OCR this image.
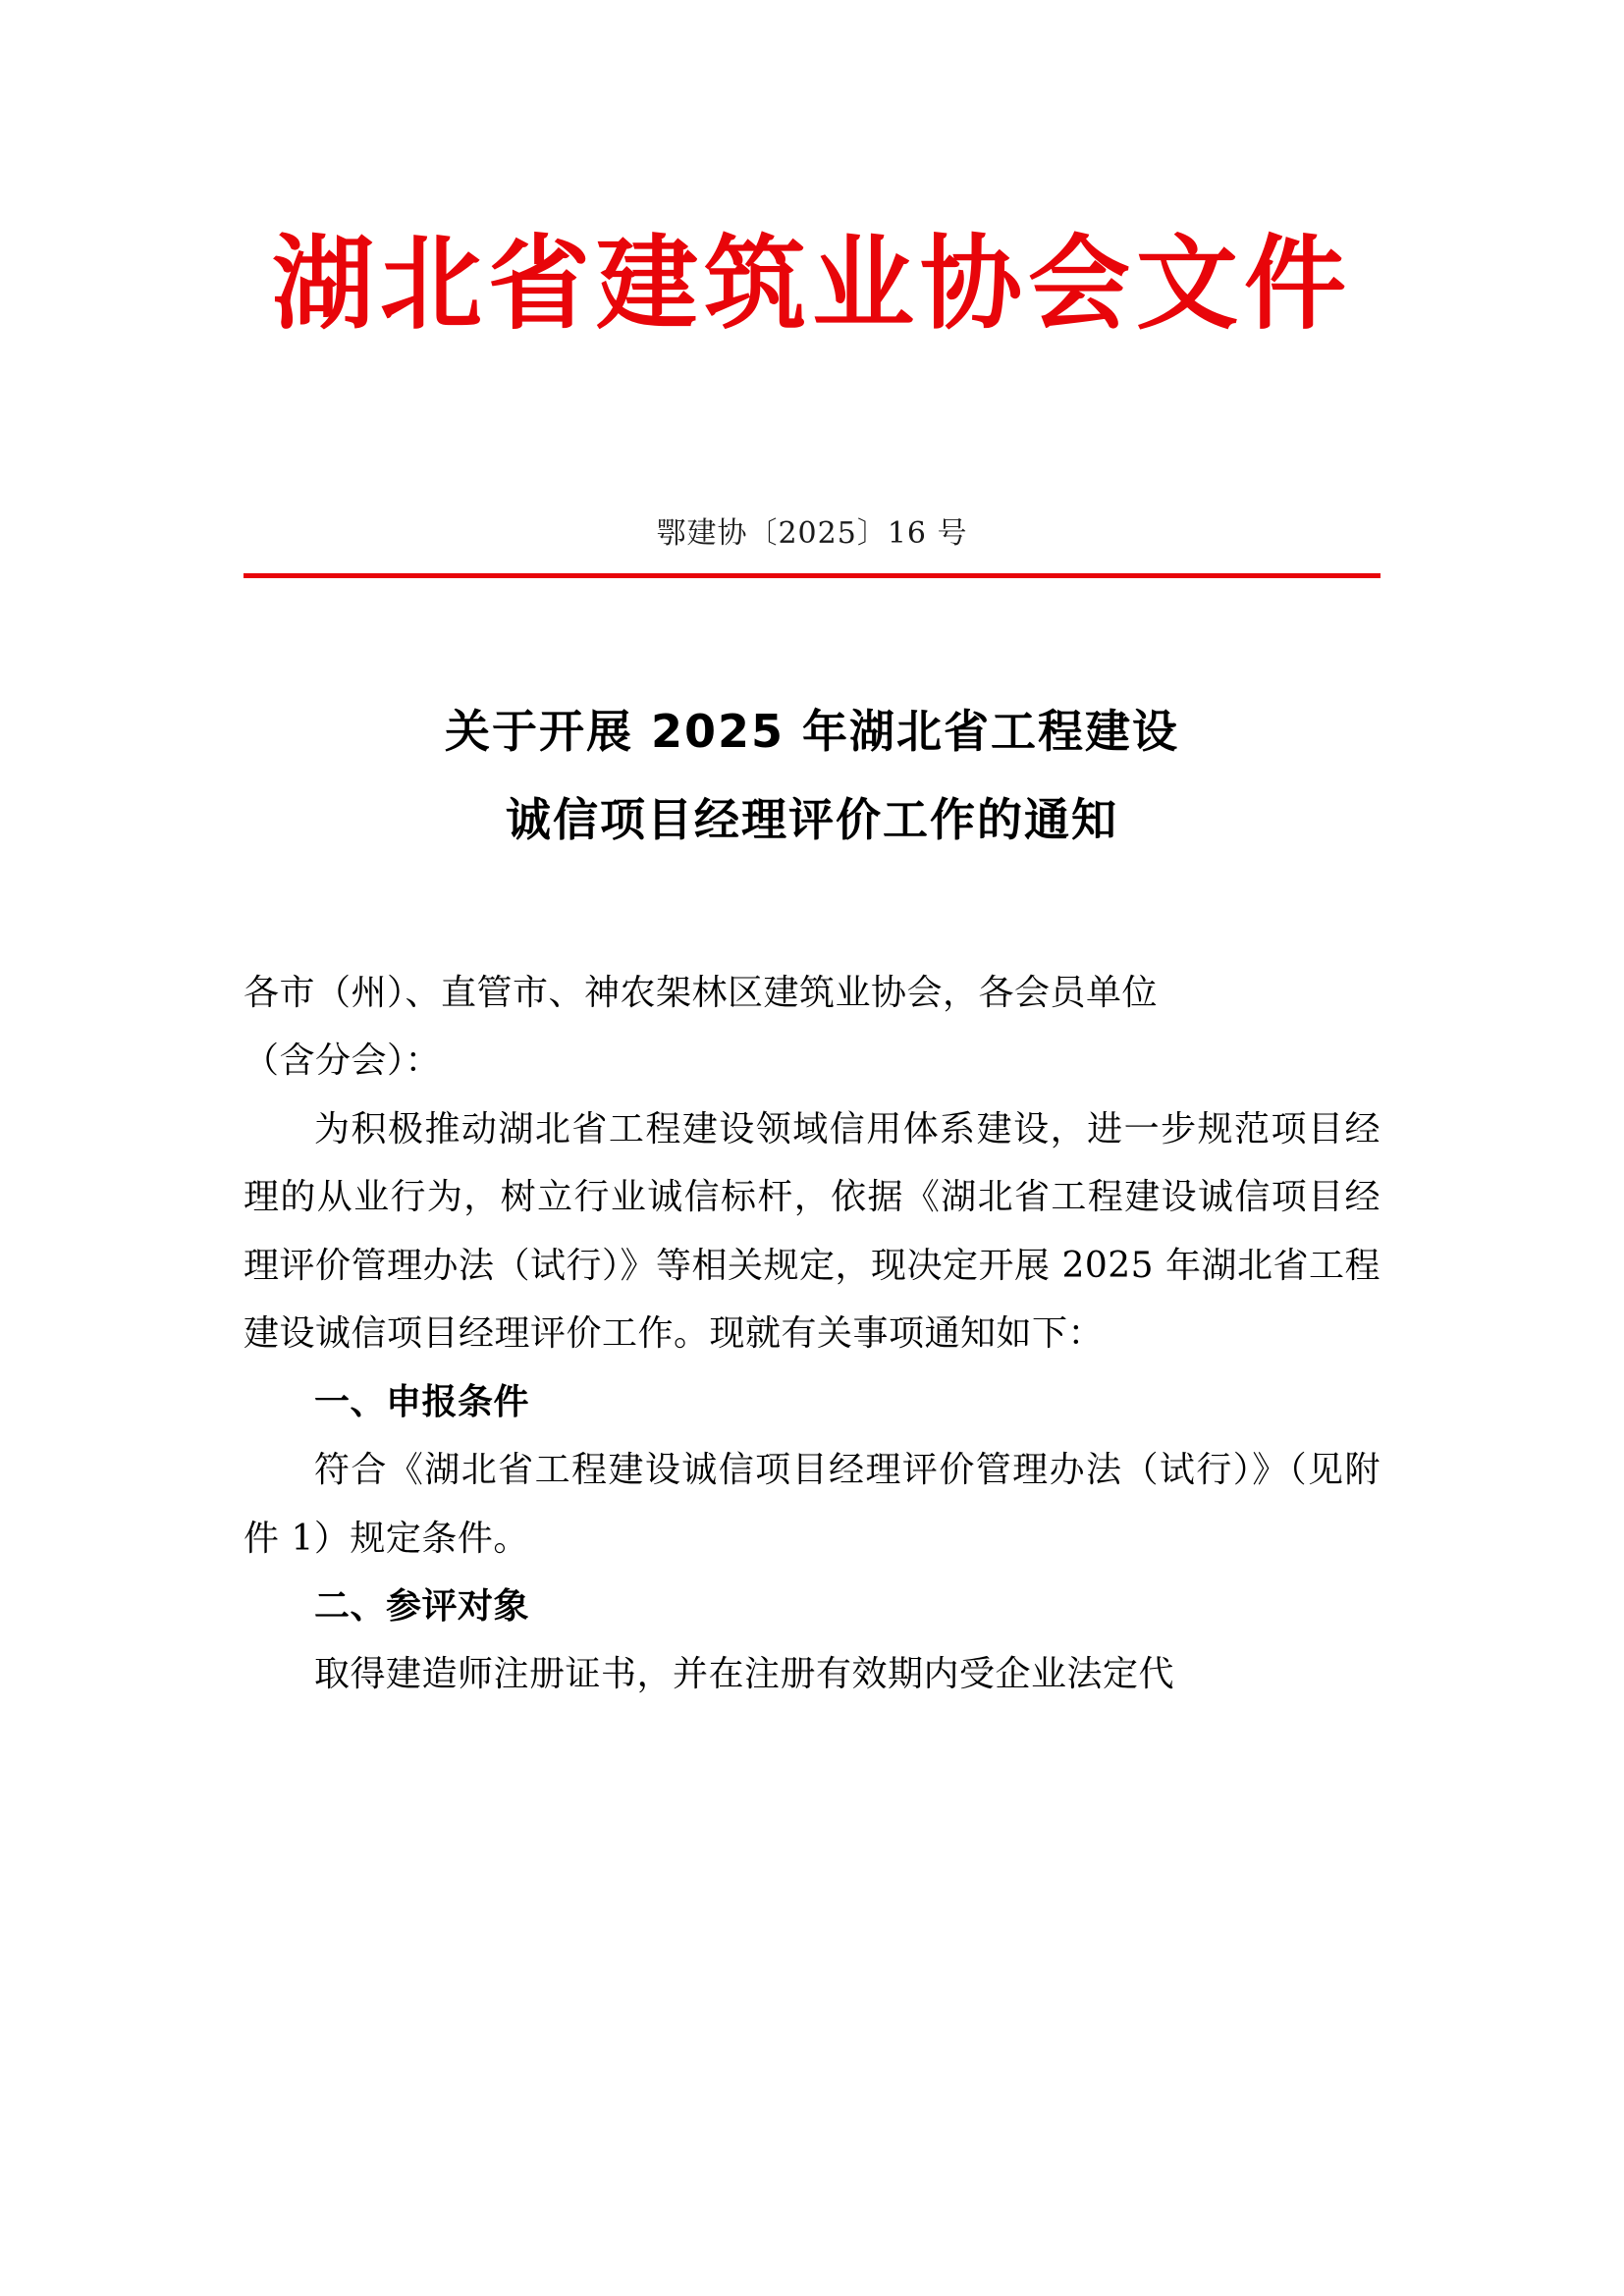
湖北省建筑业协会文件
鄂建协〔2025〕16 号
关于开展 2025 年湖北省工程建设
诚信项目经理评价工作的通知

各市（州）、直管市、神农架林区建筑业协会，各会员单位

（含分会）：

为积极推动湖北省工程建设领域信用体系建设，进一步规范项目经理的从业行为，树立行业诚信标杆，依据《湖北省工程建设诚信项目经理评价管理办法（试行）》等相关规定，现决定开展 2025 年湖北省工程建设诚信项目经理评价工作。现就有关事项通知如下：

一、申报条件

符合《湖北省工程建设诚信项目经理评价管理办法（试行）》（见附件 1）规定条件。

二、参评对象

取得建造师注册证书，并在注册有效期内受企业法定代
